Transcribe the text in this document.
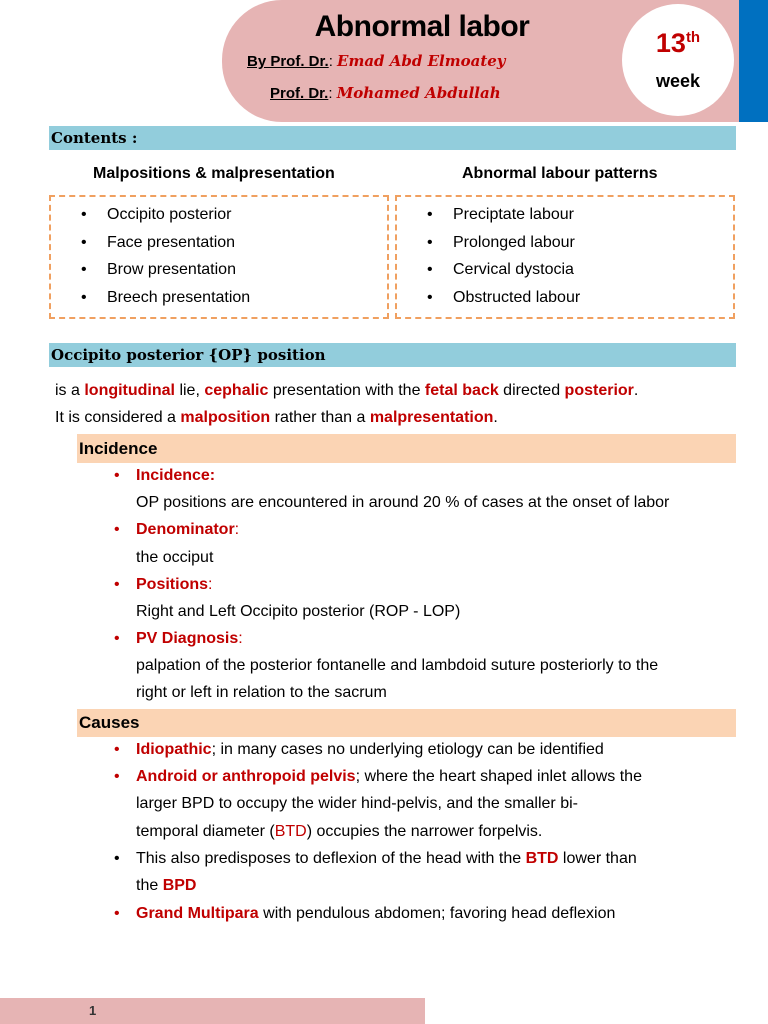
Abnormal labor
By Prof. Dr.: Emad Abd Elmoatey
Prof. Dr.: Mohamed Abdullah
13th
week
Contents :
Malpositions & malpresentation	Abnormal labour patterns
• Occipito posterior
• Face presentation
• Brow presentation
• Breech presentation
• Preciptate labour
• Prolonged labour
• Cervical dystocia
• Obstructed labour
Occipito posterior {OP} position
is a longitudinal lie, cephalic presentation with the fetal back directed posterior.
It is considered a malposition rather than a malpresentation.
Incidence
• Incidence:
OP positions are encountered in around 20 % of cases at the onset of labor
• Denominator:
the occiput
• Positions:
Right and Left Occipito posterior (ROP - LOP)
• PV Diagnosis:
palpation of the posterior fontanelle and lambdoid suture posteriorly to the
right or left in relation to the sacrum
Causes
• Idiopathic; in many cases no underlying etiology can be identified
• Android or anthropoid pelvis; where the heart shaped inlet allows the
larger BPD to occupy the wider hind-pelvis, and the smaller bi-
temporal diameter (BTD) occupies the narrower forpelvis.
• This also predisposes to deflexion of the head with the BTD lower than
the BPD
• Grand Multipara with pendulous abdomen; favoring head deflexion
1
